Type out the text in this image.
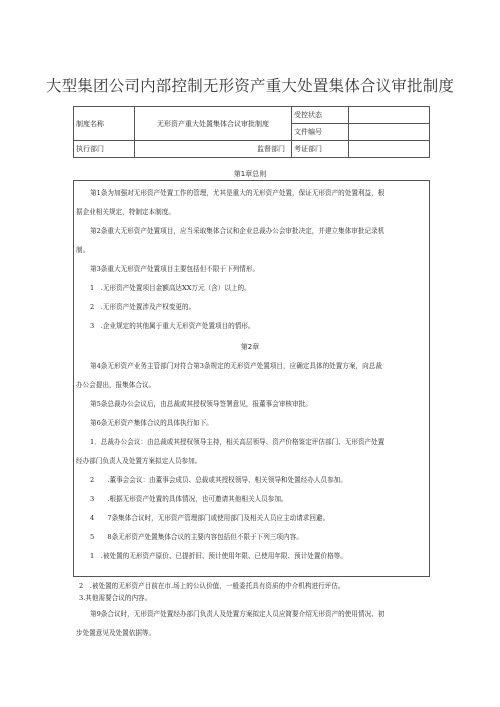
大型集团公司内部控制无形资产重大处置集体合议审批制度
制度名称	无形资产重大处置集体合议审批制度	受控状态	
		文件编号	
执行部门	监督部门	考证部门	
第1章总则
第1条为加强对无形资产处置工作的管理，尤其是重大的无形资产处置，保证无形资产的处置利益，根
据企业相关规定，特制定本制度。
第2条重大无形资产处置项目，应当采取集体合议和企业总裁办公会审批决定，并建立集体审批记录机
制。
第3条重大无形资产处置项目主要包括但不限于下列情形。
1　.无形资产处置项目金额高达XX万元（含）以上的。
2　.无形资产处置涉及产权变更的。
3　.企业规定的其他属于重大无形资产处置项目的情形。
第2章
第4条无形资产业务主管部门对符合第3条规定的无形资产处置项目，应确定具体的处置方案，向总裁
办公会提出，报集体合议。
第5条总裁办公会议后，由总裁或其授权领导签署意见，报董事会审核审批。
第6条无形资产集体合议的具体执行如下。
1．总裁办公会议：由总裁或其授权领导主持，相关高层领导、资产价格鉴定评估部门、无形资产处置
经办部门负责人及处置方案拟定人员参加。
2　　.董事会会议：由董事会成员、总裁或其授权领导、相关领导和处置经办人员参加。
3　　.根据无形资产处置的具体情况，也可邀请其他相关人员参加。
4　　7条集体合议时，无形资产管理部门或使用部门及相关人员应主动请求回避。
5　　8条无形资产处置集体合议的主要内容包括但不限于下列三项内容。
1　.被处置的无形资产原价、已提折旧、预计使用年限、已使用年限、预计处置价格等。
2　.被处置的无形资产目前在市.场上的公认价值，一般委托具有资质的中介机构进行评估。
3.其他需要合议的内容。
第9条合议时，无形资产处置经办部门负责人及处置方案拟定人员应简要介绍无形资产的使用情况、初
步处置意见及处置依据等。
